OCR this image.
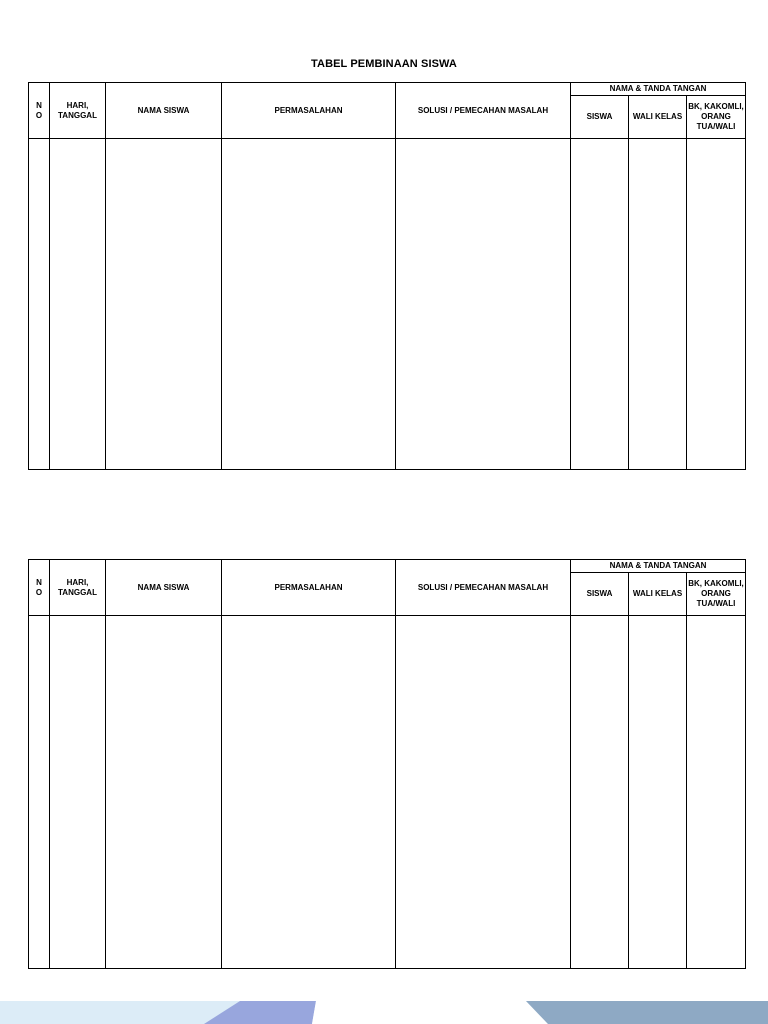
TABEL PEMBINAAN SISWA
N O	HARI, TANGGAL	NAMA SISWA	PERMASALAHAN	SOLUSI / PEMECAHAN MASALAH	NAMA & TANDA TANGAN		
					SISWA	WALI KELAS	BK, KAKOMLI, ORANG TUA/WALI

N O	HARI, TANGGAL	NAMA SISWA	PERMASALAHAN	SOLUSI / PEMECAHAN MASALAH	NAMA & TANDA TANGAN		
					SISWA	WALI KELAS	BK, KAKOMLI, ORANG TUA/WALI
